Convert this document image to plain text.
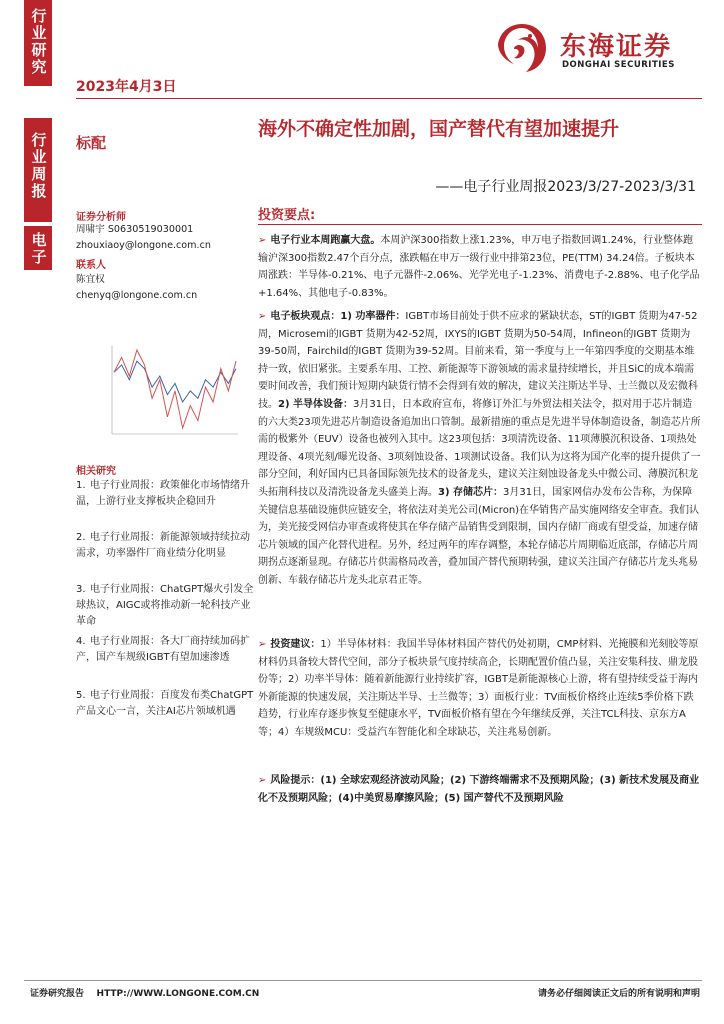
行业研究
行业周报
电子
2023年4月3日
东海证券
DONGHAI SECURITIES
标配
证券分析师
周啸宇 S0630519030001
zhouxiaoy@longone.com.cn
联系人
陈宜权
chenyq@longone.com.cn
相关研究
1. 电子行业周报：政策催化市场情绪升温，上游行业支撑板块企稳回升
2. 电子行业周报：新能源领域持续拉动需求，功率器件厂商业绩分化明显
3. 电子行业周报：ChatGPT爆火引发全球热议，AIGC或将推动新一轮科技产业革命
4. 电子行业周报：各大厂商持续加码扩产，国产车规级IGBT有望加速渗透
5. 电子行业周报：百度发布类ChatGPT产品文心一言，关注AI芯片领域机遇
海外不确定性加剧，国产替代有望加速提升
——电子行业周报2023/3/27-2023/3/31
投资要点:
➢ 电子行业本周跑赢大盘。本周沪深300指数上涨1.23%，申万电子指数回调1.24%，行业整体跑输沪深300指数2.47个百分点，涨跌幅在申万一级行业中排第23位，PE(TTM) 34.24倍。子板块本周涨跌：半导体-0.21%、电子元器件-2.06%、光学光电子-1.23%、消费电子-2.88%、电子化学品+1.64%、其他电子-0.83%。
➢ 电子板块观点：1) 功率器件：IGBT市场目前处于供不应求的紧缺状态，ST的IGBT 货期为47-52周，Microsemi的IGBT 货期为42-52周，IXYS的IGBT 货期为50-54周，Infineon的IGBT 货期为39-50周，Fairchild的IGBT 货期为39-52周。目前来看，第一季度与上一年第四季度的交期基本维持一致，依旧紧张。主要系车用、工控、新能源等下游领域的需求量持续增长，并且SiC的成本端需要时间改善，我们预计短期内缺货行情不会得到有效的解决，建议关注斯达半导、士兰微以及宏微科技。2) 半导体设备：3月31日，日本政府宣布，将修订外汇与外贸法相关法令，拟对用于芯片制造的六大类23项先进芯片制造设备追加出口管制。最新措施的重点是先进半导体制造设备，制造芯片所需的极紫外（EUV）设备也被列入其中。这23项包括：3项清洗设备、11项薄膜沉积设备、1项热处理设备、4项光刻/曝光设备、3项刻蚀设备、1项测试设备。我们认为这将为国产化率的提升提供了一部分空间，利好国内已具备国际领先技术的设备龙头，建议关注刻蚀设备龙头中微公司、薄膜沉积龙头拓荆科技以及清洗设备龙头盛美上海。3) 存储芯片：3月31日，国家网信办发布公告称，为保障关键信息基础设施供应链安全，将依法对美光公司(Micron)在华销售产品实施网络安全审查。我们认为，美光接受网信办审查或将使其在华存储产品销售受到限制，国内存储厂商或有望受益，加速存储芯片领域的国产化替代进程。另外，经过两年的库存调整，本轮存储芯片周期临近底部，存储芯片周期拐点逐渐显现。存储芯片供需格局改善，叠加国产替代预期转强，建议关注国产存储芯片龙头兆易创新、车载存储芯片龙头北京君正等。
➢ 投资建议：1）半导体材料：我国半导体材料国产替代仍处初期，CMP材料、光掩膜和光刻胶等原材料仍具备较大替代空间，部分子板块景气度持续高企，长期配置价值凸显，关注安集科技、鼎龙股份等；2）功率半导体：随着新能源行业持续扩容，IGBT是新能源核心上游，将有望持续受益于海内外新能源的快速发展，关注斯达半导、士兰微等；3）面板行业：TV面板价格终止连续5季价格下跌趋势，行业库存逐步恢复至健康水平，TV面板价格有望在今年继续反弹，关注TCL科技、京东方A等；4）车规级MCU：受益汽车智能化和全球缺芯，关注兆易创新。
➢ 风险提示：(1) 全球宏观经济波动风险；(2) 下游终端需求不及预期风险；(3) 新技术发展及商业化不及预期风险；(4)中美贸易摩擦风险；(5) 国产替代不及预期风险
证券研究报告    HTTP://WWW.LONGONE.COM.CN	请务必仔细阅读正文后的所有说明和声明
